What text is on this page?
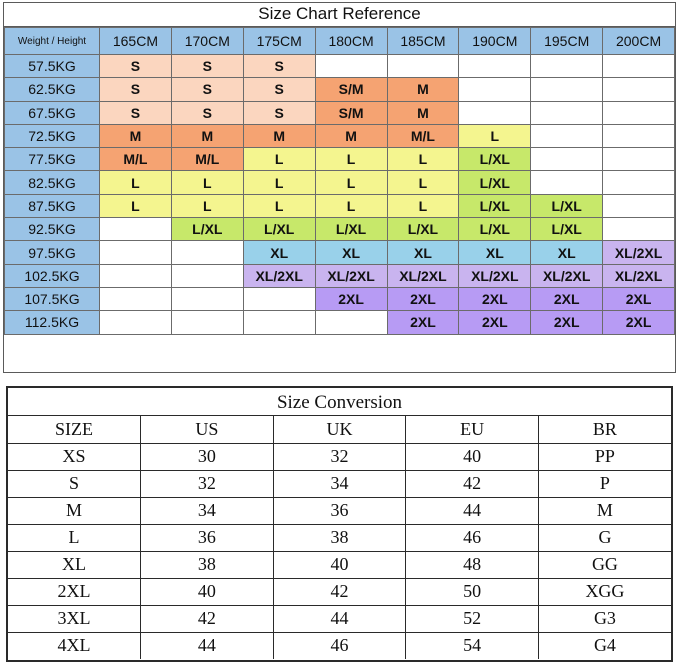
Size Chart Reference
Weight / Height	165CM	170CM	175CM	180CM	185CM	190CM	195CM	200CM
57.5KG	S	S	S					
62.5KG	S	S	S	S/M	M			
67.5KG	S	S	S	S/M	M			
72.5KG	M	M	M	M	M/L	L		
77.5KG	M/L	M/L	L	L	L	L/XL		
82.5KG	L	L	L	L	L	L/XL		
87.5KG	L	L	L	L	L	L/XL	L/XL	
92.5KG		L/XL	L/XL	L/XL	L/XL	L/XL	L/XL	
97.5KG			XL	XL	XL	XL	XL	XL/2XL
102.5KG			XL/2XL	XL/2XL	XL/2XL	XL/2XL	XL/2XL	XL/2XL
107.5KG				2XL	2XL	2XL	2XL	2XL
112.5KG					2XL	2XL	2XL	2XL
Size Conversion
SIZE	US	UK	EU	BR
XS	30	32	40	PP
S	32	34	42	P
M	34	36	44	M
L	36	38	46	G
XL	38	40	48	GG
2XL	40	42	50	XGG
3XL	42	44	52	G3
4XL	44	46	54	G4
